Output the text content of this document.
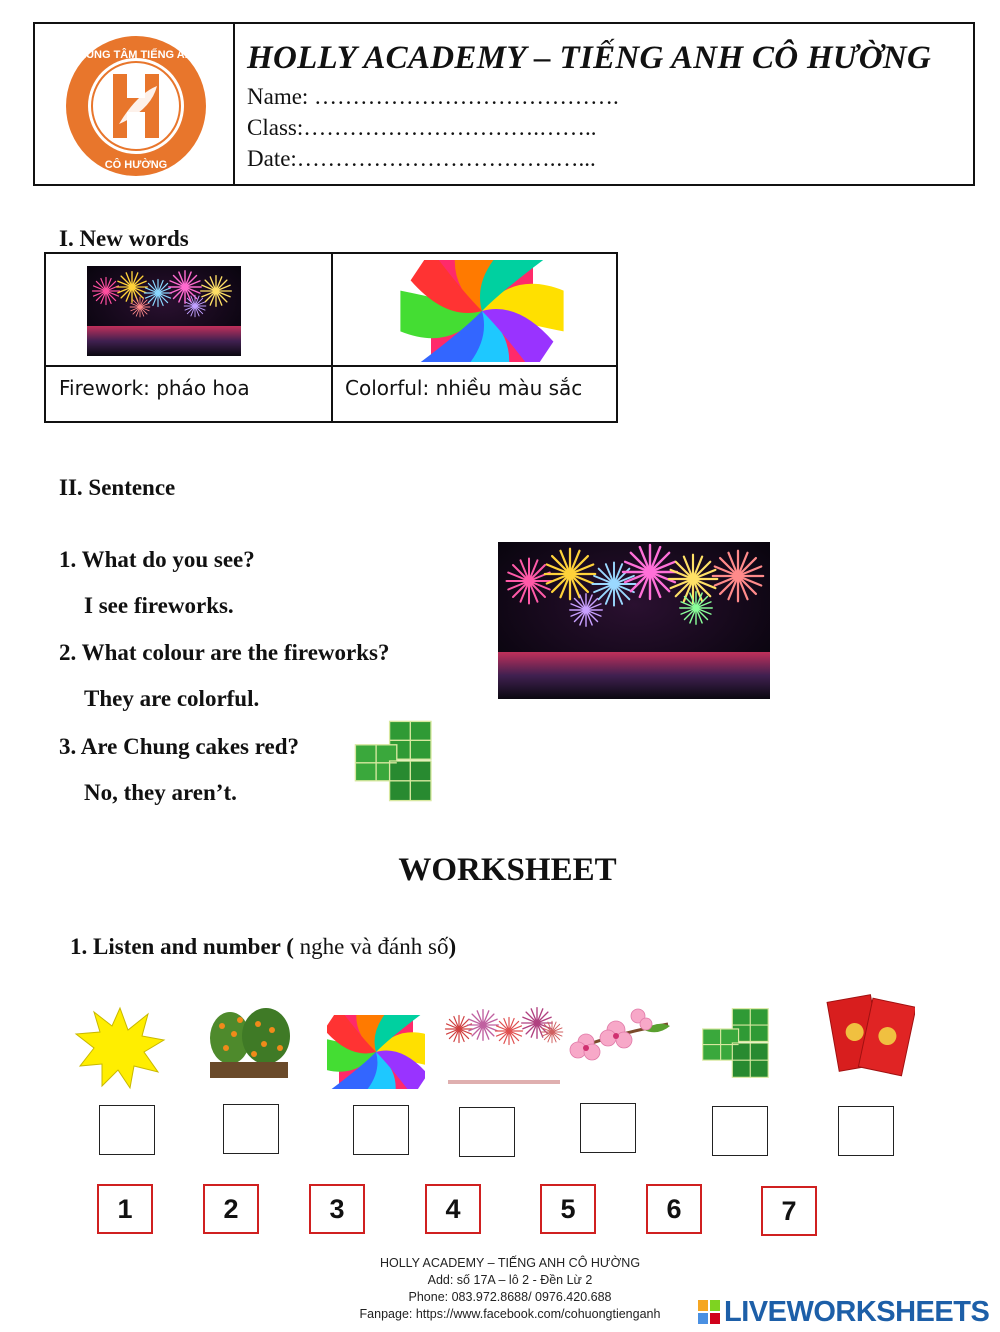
TRUNG TÂM TIẾNG ANH
CÔ HƯỜNG
HOLLY ACADEMY – TIẾNG ANH CÔ HƯỜNG
Name: ………………………………….
Class:………………………….……..
Date:…………………………….…...
I. New words
Firework: pháo hoa	Colorful: nhiều màu sắc
II. Sentence
1. What do you see?
I see fireworks.
2. What colour are the fireworks?
They are colorful.
3. Are Chung cakes red?
No, they aren’t.
WORKSHEET
1. Listen and number ( nghe và đánh số)
1	2	3	4	5	6	7
HOLLY ACADEMY – TIẾNG ANH CÔ HƯỜNG
Add: số 17A – lô 2 - Đền Lừ 2
Phone: 083.972.8688/ 0976.420.688
Fanpage: https://www.facebook.com/cohuongtienganh	LIVEWORKSHEETS
